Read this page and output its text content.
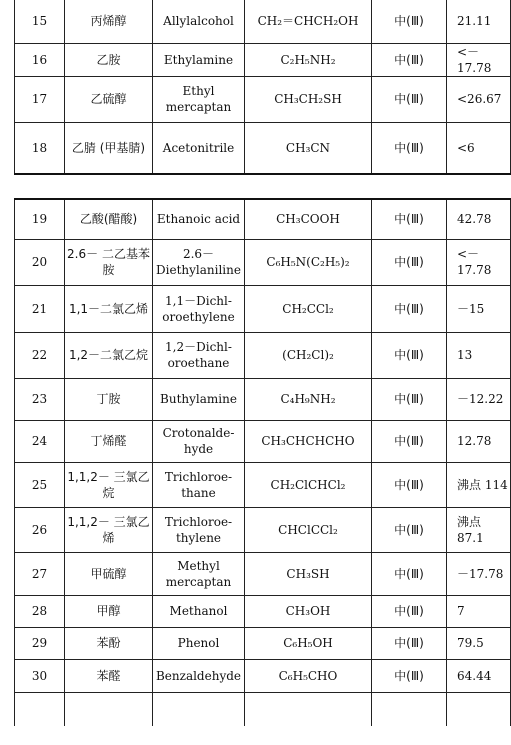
15	丙烯醇	Allylalcohol	CH₂＝CHCH₂OH	中(Ⅲ)	21.11
16	乙胺	Ethylamine	C₂H₅NH₂	中(Ⅲ)	<－17.78
17	乙硫醇	Ethyl mercaptan	CH₃CH₂SH	中(Ⅲ)	<26.67
18	乙腈 (甲基腈)	Acetonitrile	CH₃CN	中(Ⅲ)	<6
19	乙酸(醋酸)	Ethanoic acid	CH₃COOH	中(Ⅲ)	42.78
20	2.6－ 二乙基苯胺	2.6－ Diethylaniline	C₆H₅N(C₂H₅)₂	中(Ⅲ)	<－17.78
21	1,1－二氯乙烯	1,1－Dichl- oroethylene	CH₂CCl₂	中(Ⅲ)	－15
22	1,2－二氯乙烷	1,2－Dichl- oroethane	(CH₂Cl)₂	中(Ⅲ)	13
23	丁胺	Buthylamine	C₄H₉NH₂	中(Ⅲ)	－12.22
24	丁烯醛	Crotonalde- hyde	CH₃CHCHCHO	中(Ⅲ)	12.78
25	1,1,2－ 三氯乙烷	Trichloroe- thane	CH₂ClCHCl₂	中(Ⅲ)	沸点 114
26	1,1,2－ 三氯乙烯	Trichloroe- thylene	CHClCCl₂	中(Ⅲ)	沸点 87.1
27	甲硫醇	Methyl mercaptan	CH₃SH	中(Ⅲ)	－17.78
28	甲醇	Methanol	CH₃OH	中(Ⅲ)	7
29	苯酚	Phenol	C₆H₅OH	中(Ⅲ)	79.5
30	苯醛	Benzaldehyde	C₆H₅CHO	中(Ⅲ)	64.44
